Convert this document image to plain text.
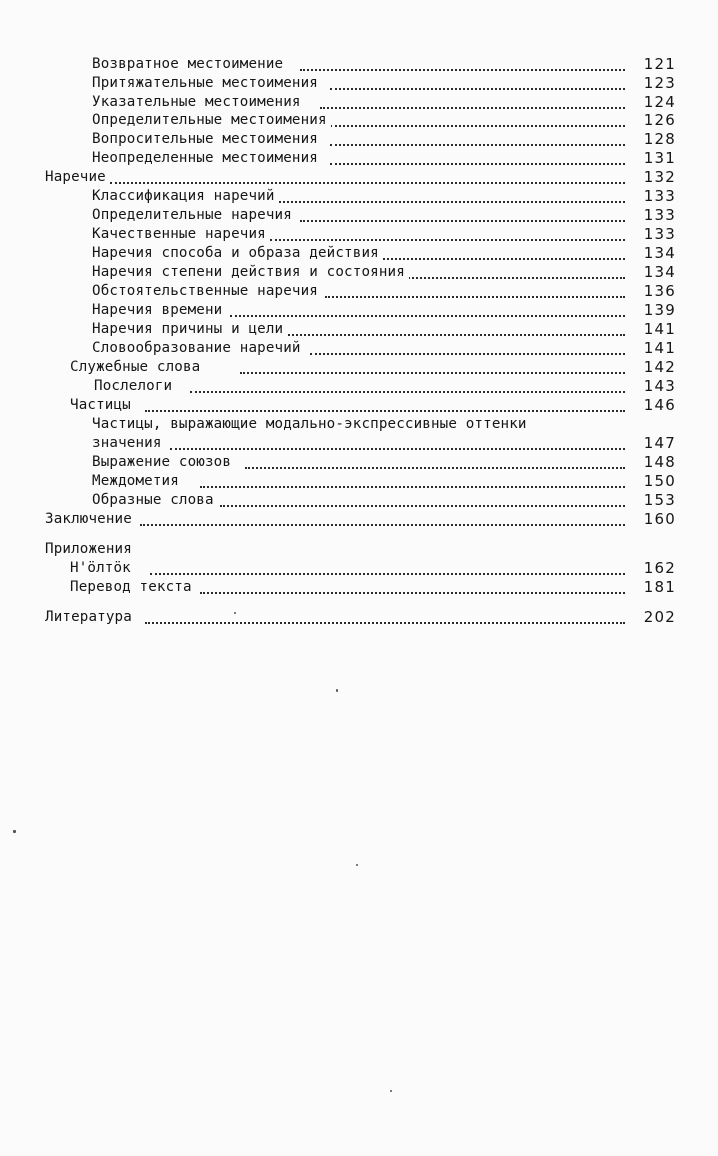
Возвратное местоимение	121
Притяжательные местоимения	123
Указательные местоимения	124
Определительные местоимения	126
Вопросительные местоимения	128
Неопределенные местоимения	131
Наречие	132
Классификация наречий	133
Определительные наречия	133
Качественные наречия	133
Наречия способа и образа действия	134
Наречия степени действия и состояния	134
Обстоятельственные наречия	136
Наречия времени	139
Наречия причины и цели	141
Словообразование наречий	141
Служебные слова	142
Послелоги	143
Частицы	146
Частицы, выражающие модально-экспрессивные оттенки
значения	147
Выражение союзов	148
Междометия	150
Образные слова	153
Заключение	160
Приложения
Н'ӧлтӧк	162
Перевод текста	181
Литература	202
